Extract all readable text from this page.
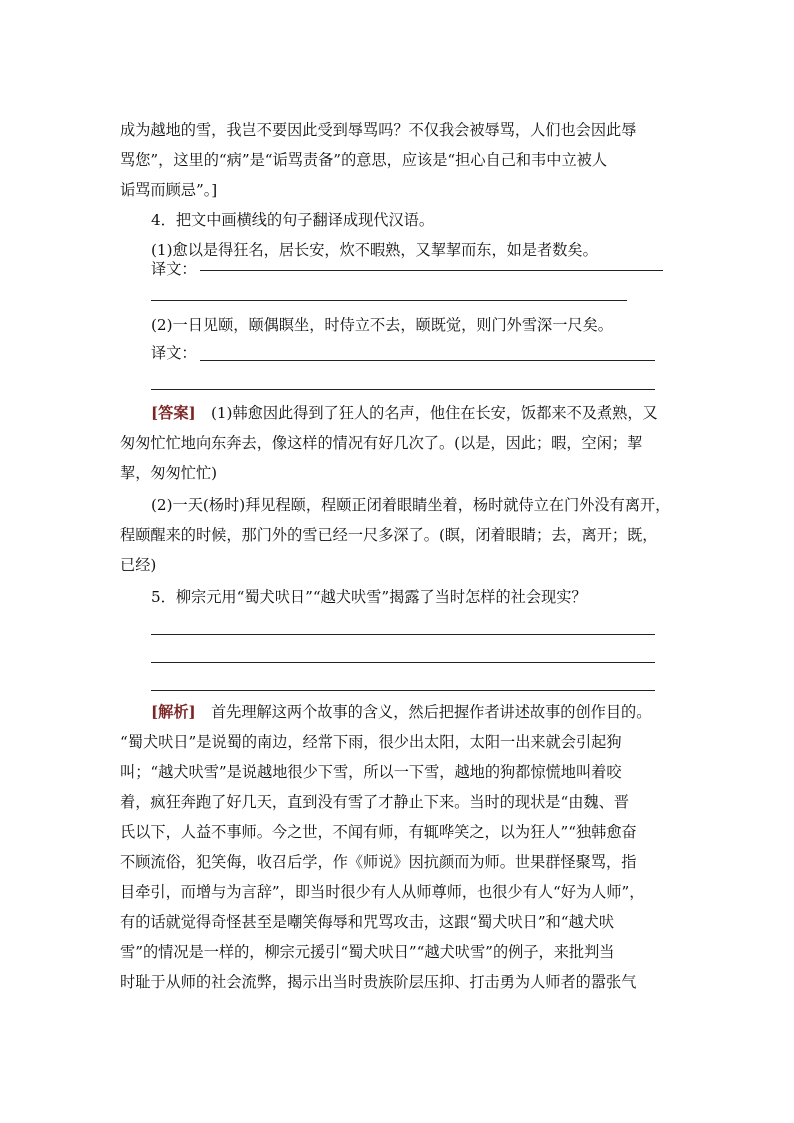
成为越地的雪，我岂不要因此受到辱骂吗？不仅我会被辱骂，人们也会因此辱
骂您”，这里的“病”是“诟骂责备”的意思，应该是“担心自己和韦中立被人
诟骂而顾忌”。]
4．把文中画横线的句子翻译成现代汉语。
(1)愈以是得狂名，居长安，炊不暇熟，又挈挈而东，如是者数矣。
译文：
(2)一日见颐，颐偶瞑坐，时侍立不去，颐既觉，则门外雪深一尺矣。
译文：
[答案]  (1)韩愈因此得到了狂人的名声，他住在长安，饭都来不及煮熟，又
匆匆忙忙地向东奔去，像这样的情况有好几次了。(以是，因此；暇，空闲；挈
挈，匆匆忙忙)
(2)一天(杨时)拜见程颐，程颐正闭着眼睛坐着，杨时就侍立在门外没有离开，
程颐醒来的时候，那门外的雪已经一尺多深了。(瞑，闭着眼睛；去，离开；既，
已经)
5．柳宗元用“蜀犬吠日”“越犬吠雪”揭露了当时怎样的社会现实？
[解析]  首先理解这两个故事的含义，然后把握作者讲述故事的创作目的。
“蜀犬吠日”是说蜀的南边，经常下雨，很少出太阳，太阳一出来就会引起狗
叫；“越犬吠雪”是说越地很少下雪，所以一下雪，越地的狗都惊慌地叫着咬
着，疯狂奔跑了好几天，直到没有雪了才静止下来。当时的现状是“由魏、晋
氏以下，人益不事师。今之世，不闻有师，有辄哗笑之，以为狂人”“独韩愈奋
不顾流俗，犯笑侮，收召后学，作《师说》因抗颜而为师。世果群怪聚骂，指
目牵引，而增与为言辞”，即当时很少有人从师尊师，也很少有人“好为人师”，
有的话就觉得奇怪甚至是嘲笑侮辱和咒骂攻击，这跟“蜀犬吠日”和“越犬吠
雪”的情况是一样的，柳宗元援引“蜀犬吠日”“越犬吠雪”的例子，来批判当
时耻于从师的社会流弊，揭示出当时贵族阶层压抑、打击勇为人师者的嚣张气
